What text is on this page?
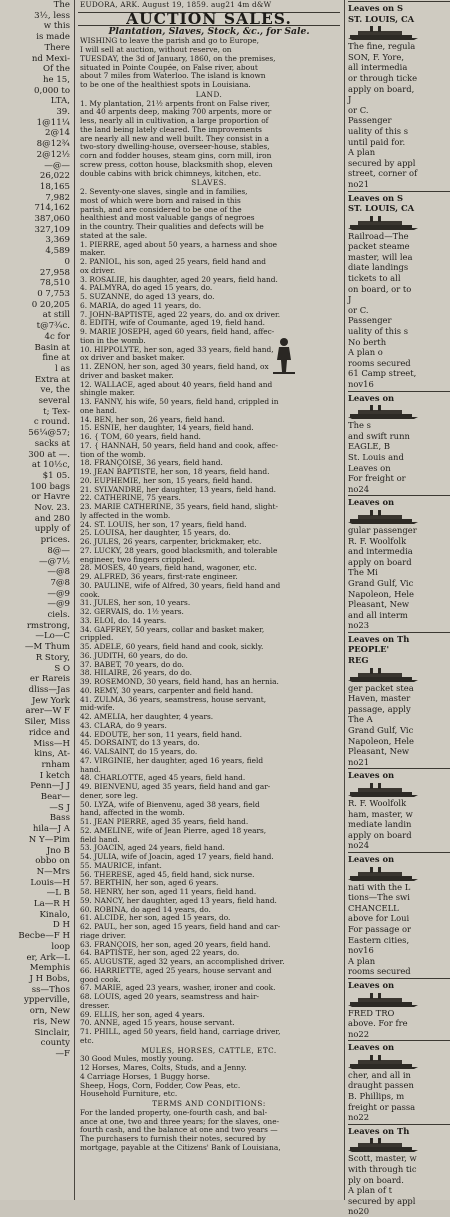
The
3½, less
w this
is made
There
nd Mexi-
Of the
he 15,
0,000 to
LTA,
39.
1@11¼
2@14
8@12¾
2@12½
—@—
26,022
18,165
7,982
714,162
387,060
327,109
3,369
4,589
0
27,958
78,510
0 7,753
0 20,205
at still
t@7¾c.
4c for
Basin at
fine at
l as
Extra at
ve, the
several
t; Tex-
c round.
56¼@57;
sacks at
300 at —.
at 10½c,
$1 05.
100 bags
or Havre
Nov. 23.
and 280
upply of
prices.
8@—
—@7½
—@8
7@8
—@9
—@9
ciels.
rmstrong,
—Lo—C
—M Thum
R Story,
S O
er Rareis
dliss—Jas
Jew York
arer—W F
Siler, Miss
ridce and
Miss—H
kins, At-
rnham
I ketch
Penn—J J
Bear—
—S J
Bass
hila—J A
N Y—Pim
Jno B
obbo on
N—Mrs
Louis—H
—L B
La—R H
Kinalo,
D H
Becbe—F H
loop
er, Ark—L
Memphis
J H Bobs,
ss—Thos
ypperville,
orn, New
ris, New
Sinclair,
county
—F
EUDORA, ARK. August 19, 1859. aug21 4m d&W
AUCTION SALES.
Plantation, Slaves, Stock, &c., for Sale.
WISHING to leave the parish and go to Europe,
I will sell at auction, without reserve, on
TUESDAY, the 3d of January, 1860, on the premises,
situated in Pointe Coupée, on False river, about
about 7 miles from Waterloo. The island is known
to be one of the healthiest spots in Louisiana.
LAND.
1. My plantation, 21½ arpents front on False river,
and 40 arpents deep, making 700 arpents, more or
less, nearly all in cultivation, a large proportion of
the land being lately cleared. The improvements
are nearly all new and well built. They consist in a
two-story dwelling-house, overseer-house, stables,
corn and fodder houses, steam gins, corn mill, iron
screw press, cotton house, blacksmith shop, eleven
double cabins with brick chimneys, kitchen, etc.
SLAVES.
2. Seventy-one slaves, single and in families,
most of which were born and raised in this
parish, and are considered to be one of the
healthiest and most valuable gangs of negroes
in the country. Their qualities and defects will be
stated at the sale.
1. PIERRE, aged about 50 years, a harness and shoe
maker.
2. PANIOL, his son, aged 25 years, field hand and
ox driver.
3. ROSALIE, his daughter, aged 20 years, field hand.
4. PALMYRA, do aged 15 years, do.
5. SUZANNE, do aged 13 years, do.
6. MARIA, do aged 11 years, do.
7. JOHN-BAPTISTE, aged 22 years, do. and ox driver.
8. EDITH, wife of Coumante, aged 19, field hand.
9. MARIE JOSEPH, aged 60 years, field hand, affec-
tion in the womb.
10. HIPPOLYTE, her son, aged 33 years, field hand,
ox driver and basket maker.
11. ZENON, her son, aged 30 years, field hand, ox
driver and basket maker.
12. WALLACE, aged about 40 years, field hand and
shingle maker.
13. FANNY, his wife, 50 years, field hand, crippled in
one hand.
14. BEN, her son, 26 years, field hand.
15. ESNIE, her daughter, 14 years, field hand.
16. { TOM, 60 years, field hand.
17. { HANNAH, 50 years, field hand and cook, affec-
tion of the womb.
18. FRANÇOISE, 36 years, field hand.
19. JEAN BAPTISTE, her son, 18 years, field hand.
20. EUPHEMIE, her son, 15 years, field hand.
21. SYLVANDRE, her daughter, 13 years, field hand.
22. CATHERINE, 75 years.
23. MARIE CATHERINE, 35 years, field hand, slight-
ly affected in the womb.
24. ST. LOUIS, her son, 17 years, field hand.
25. LOUISA, her daughter, 15 years, do.
26. JULES, 26 years, carpenter, brickmaker, etc.
27. LUCKY, 28 years, good blacksmith, and tolerable
engineer, two fingers crippled.
28. MOSES, 40 years, field hand, wagoner, etc.
29. ALFRED, 36 years, first-rate engineer.
30. PAULINE, wife of Alfred, 30 years, field hand and
cook.
31. JULES, her son, 10 years.
32. GERVAIS, do. 1½ years.
33. ELOI, do. 14 years.
34. GAFFREY, 50 years, collar and basket maker,
crippled.
35. ADELE, 60 years, field hand and cook, sickly.
36. JUDITH, 60 years, do do.
37. BABET, 70 years, do do.
38. HILAIRE, 26 years, do do.
39. ROSEMOND, 30 years, field hand, has an hernia.
40. REMY, 30 years, carpenter and field hand.
41. ZULMA, 36 years, seamstress, house servant,
mid-wife.
42. AMELIA, her daughter, 4 years.
43. CLARA, do 9 years.
44. EDOUTE, her son, 11 years, field hand.
45. DORSAINT, do 13 years, do.
46. VALSAINT, do 15 years, do.
47. VIRGINIE, her daughter, aged 16 years, field
hand.
48. CHARLOTTE, aged 45 years, field hand.
49. BIENVENU, aged 35 years, field hand and gar-
dener, sore leg.
50. LYZA, wife of Bienvenu, aged 38 years, field
hand, affected in the womb.
51. JEAN PIERRE, aged 35 years, field hand.
52. AMELINE, wife of Jean Pierre, aged 18 years,
field hand.
53. JOACIN, aged 24 years, field hand.
54. JULIA, wife of Joacin, aged 17 years, field hand.
55. MAURICE, infant.
56. THERESE, aged 45, field hand, sick nurse.
57. BERTHIN, her son, aged 6 years.
58. HENRY, her son, aged 11 years, field hand.
59. NANCY, her daughter, aged 13 years, field hand.
60. ROBINA, do aged 14 years, do.
61. ALCIDE, her son, aged 15 years, do.
62. PAUL, her son, aged 15 years, field hand and car-
riage driver.
63. FRANÇOIS, her son, aged 20 years, field hand.
64. BAPTISTE, her son, aged 22 years, do.
65. AUGUSTE, aged 32 years, an accomplished driver.
66. HARRIETTE, aged 25 years, house servant and
good cook.
67. MARIE, aged 23 years, washer, ironer and cook.
68. LOUIS, aged 20 years, seamstress and hair-
dresser.
69. ELLIS, her son, aged 4 years.
70. ANNE, aged 15 years, house servant.
71. PHILL, aged 50 years, field hand, carriage driver,
etc.
MULES, HORSES, CATTLE, ETC.
30 Good Mules, mostly young.
12 Horses, Mares, Colts, Studs, and a Jenny.
4 Carriage Horses, 1 Buggy horse.
Sheep, Hogs, Corn, Fodder, Cow Peas, etc.
Household Furniture, etc.
TERMS AND CONDITIONS:
For the landed property, one-fourth cash, and bal-
ance at one, two and three years; for the slaves, one-
fourth cash, and the balance at one and two years —
The purchasers to furnish their notes, secured by
mortgage, payable at the Citizens' Bank of Louisiana,
Leaves on S
ST. LOUIS, CA
The fine, regula
SON, F. Yore,
all intermedia
or through ticke
apply on board,
J
or C.
Passenger
uality of this s
until paid for.
A plan
secured by appl
street, corner of
no21
Leaves on S
ST. LOUIS, CA
Railroad—The
packet steame
master, will lea
diate landings
tickets to all
on board, or to
J
or C.
Passenger
uality of this s
No berth
A plan o
rooms secured
61 Camp street,
nov16
Leaves on
The s
and swift runn
EAGLE, B
St. Louis and
Leaves on
For freight or
no24
Leaves on
gular passenger
R. F. Woolfolk
and intermedia
apply on board
The Mi
Grand Gulf, Vic
Napoleon, Hele
Pleasant, New
and all interm
no23
Leaves on Th
PEOPLE'
REG
ger packet stea
Haven, master
passage, apply
The A
Grand Gulf, Vic
Napoleon, Hele
Pleasant, New
no21
Leaves on
R. F. Woolfolk
ham, master, w
mediate landin
apply on board
no24
Leaves on
nati with the L
tions—The swi
CHANCELL
above for Loui
For passage or
Eastern cities,
nov16
A plan
rooms secured
Leaves on
FRED TRO
above. For fre
no22
Leaves on
cher, and all in
draught passen
B. Phillips, m
freight or passa
no22
Leaves on Th
Scott, master, w
with through tic
ply on board.
A plan of t
secured by appl
no20
